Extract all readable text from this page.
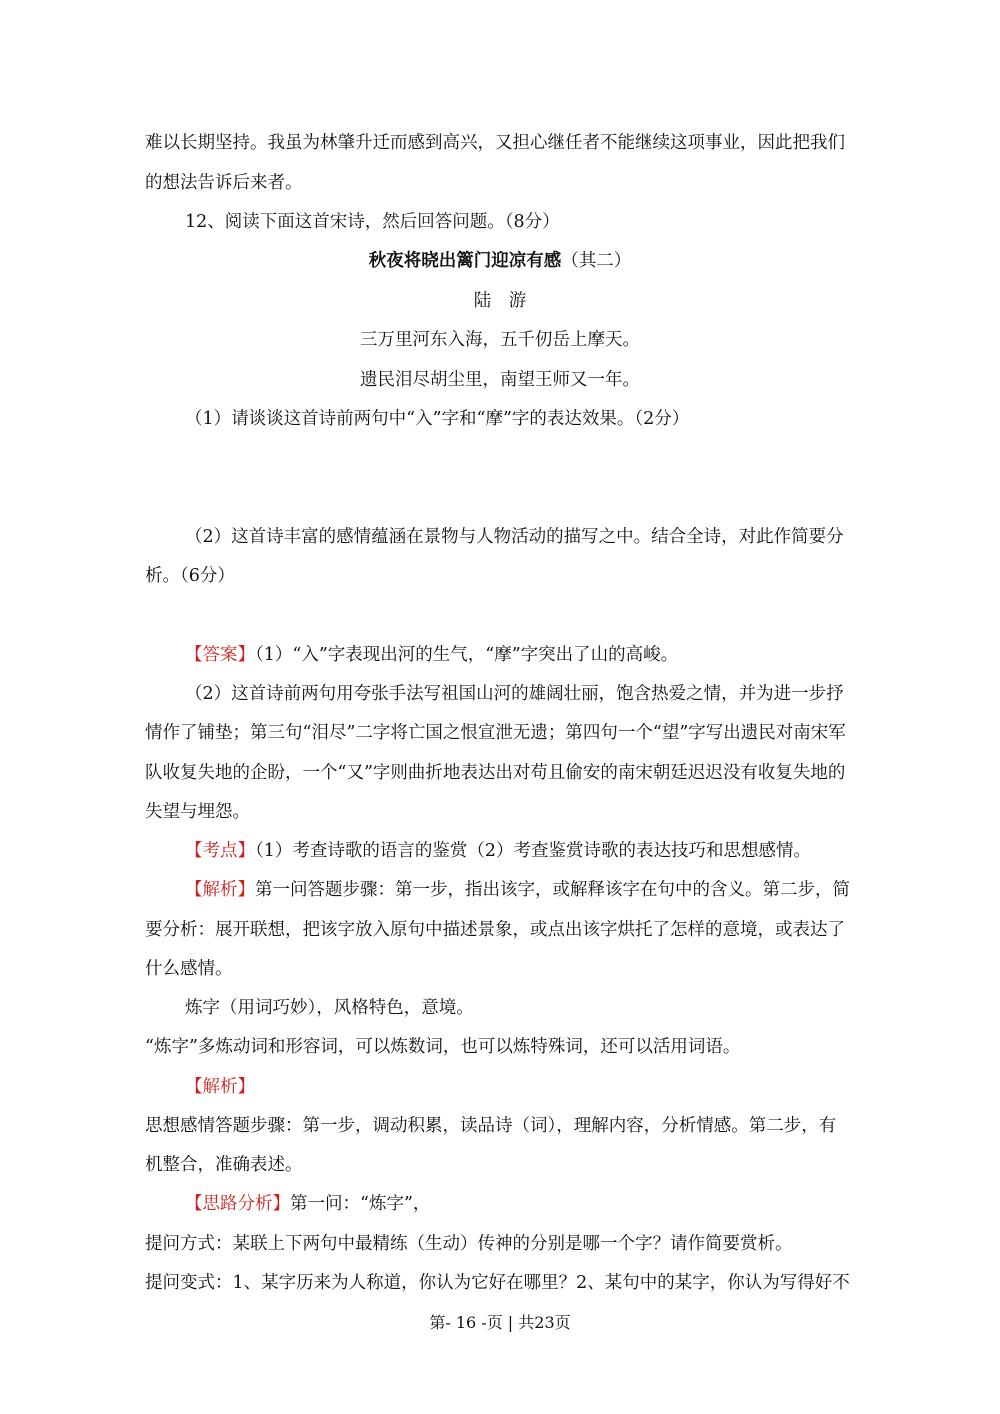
难以长期坚持。我虽为林肇升迁而感到高兴，又担心继任者不能继续这项事业，因此把我们
的想法告诉后来者。
12、阅读下面这首宋诗，然后回答问题。（8分）
秋夜将晓出篱门迎凉有感（其二）
陆　游
三万里河东入海，五千仞岳上摩天。
遗民泪尽胡尘里，南望王师又一年。
（1）请谈谈这首诗前两句中“入”字和“摩”字的表达效果。（2分）
（2）这首诗丰富的感情蕴涵在景物与人物活动的描写之中。结合全诗，对此作简要分
析。（6分）
【答案】（1）“入”字表现出河的生气，“摩”字突出了山的高峻。
（2）这首诗前两句用夸张手法写祖国山河的雄阔壮丽，饱含热爱之情，并为进一步抒
情作了铺垫；第三句“泪尽”二字将亡国之恨宣泄无遗；第四句一个“望”字写出遗民对南宋军
队收复失地的企盼，一个“又”字则曲折地表达出对苟且偷安的南宋朝廷迟迟没有收复失地的
失望与埋怨。
【考点】（1）考查诗歌的语言的鉴赏（2）考查鉴赏诗歌的表达技巧和思想感情。
【解析】第一问答题步骤：第一步，指出该字，或解释该字在句中的含义。第二步，简
要分析：展开联想，把该字放入原句中描述景象，或点出该字烘托了怎样的意境，或表达了
什么感情。
炼字（用词巧妙），风格特色，意境。
“炼字”多炼动词和形容词，可以炼数词，也可以炼特殊词，还可以活用词语。
【解析】
思想感情答题步骤：第一步，调动积累，读品诗（词），理解内容，分析情感。第二步，有
机整合，准确表述。
【思路分析】第一问：“炼字”，
提问方式：某联上下两句中最精练（生动）传神的分别是哪一个字？请作简要赏析。
提问变式：1、某字历来为人称道，你认为它好在哪里？2、某句中的某字，你认为写得好不
第- 16 -页 | 共23页
